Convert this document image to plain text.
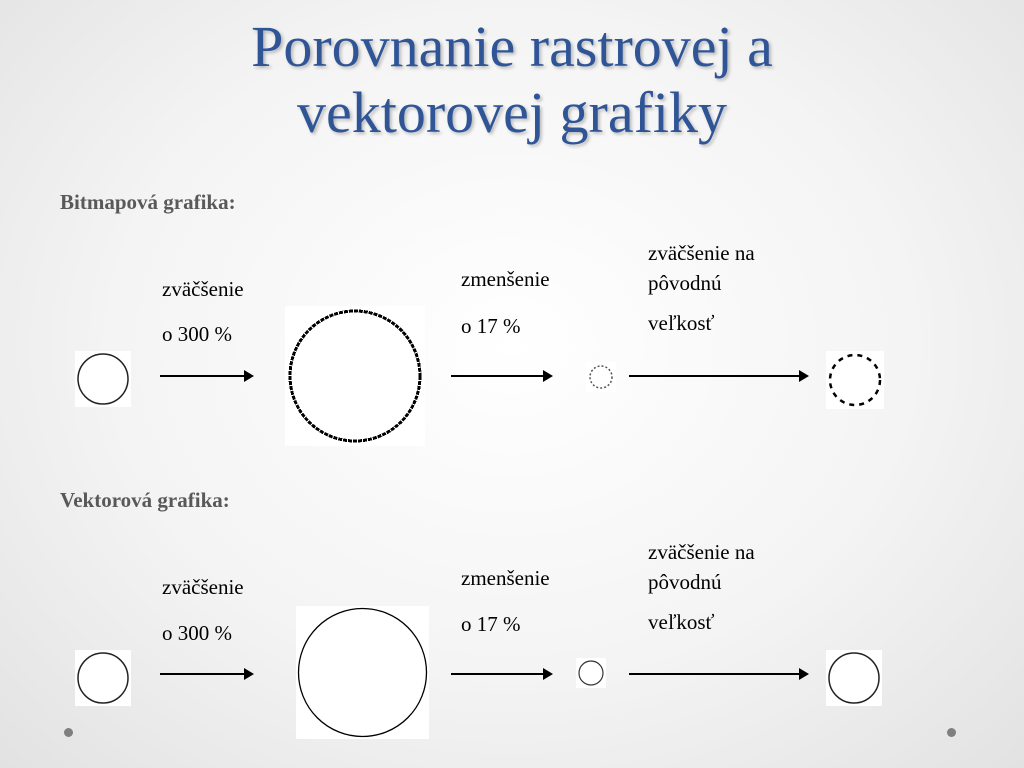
Porovnanie rastrovej a
vektorovej grafiky
Bitmapová grafika:
zväčšenie
o 300 %
zmenšenie
o 17 %
zväčšenie na
pôvodnú
veľkosť
Vektorová grafika:
zväčšenie
o 300 %
zmenšenie
o 17 %
zväčšenie na
pôvodnú
veľkosť
